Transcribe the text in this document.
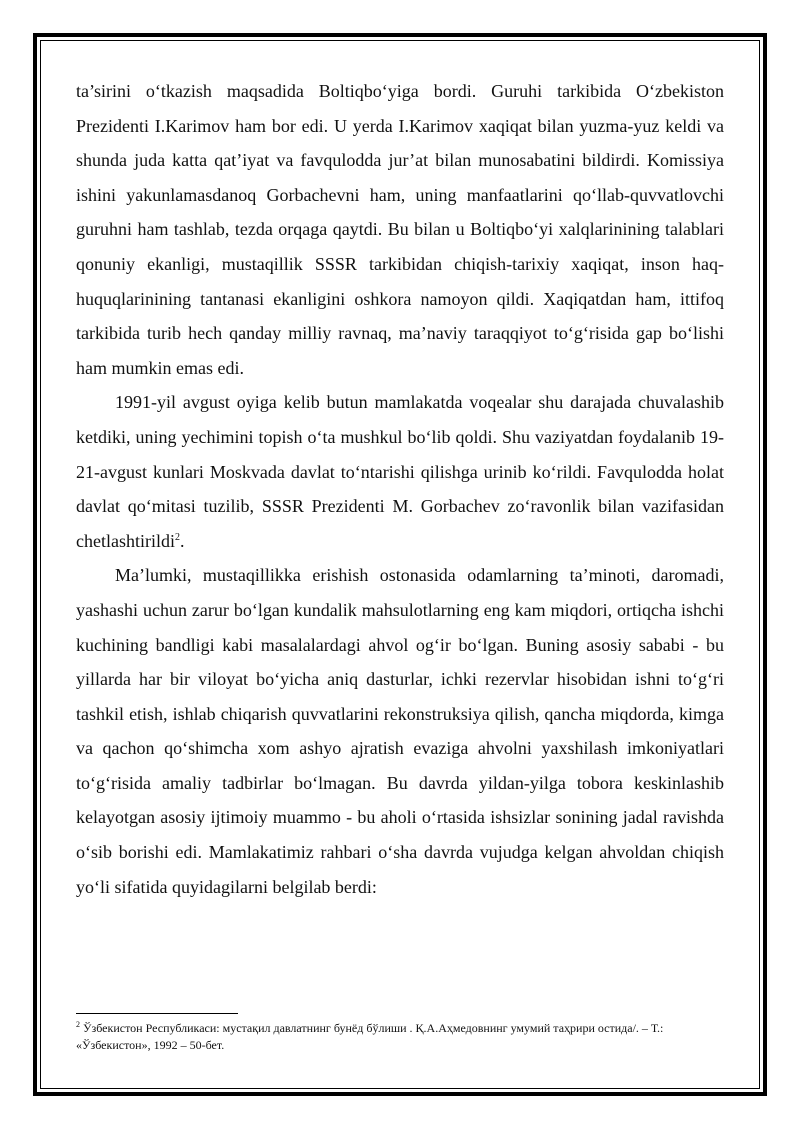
ta’sirini o‘tkazish maqsadida Boltiqbo‘yiga bordi. Guruhi tarkibida O‘zbekiston Prezidenti I.Karimov ham bor edi. U yerda I.Karimov xaqiqat bilan yuzma-yuz keldi va shunda juda katta qat’iyat va favqulodda jur’at bilan munosabatini bildirdi. Komissiya ishini yakunlamasdanoq Gorbachevni ham, uning manfaatlarini qo‘llab-quvvatlovchi guruhni ham tashlab, tezda orqaga qaytdi. Bu bilan u Boltiqbo‘yi xalqlarinining talablari qonuniy ekanligi, mustaqillik SSSR tarkibidan chiqish-tarixiy xaqiqat, inson haq-huquqlarinining tantanasi ekanligini oshkora namoyon qildi. Xaqiqatdan ham, ittifoq tarkibida turib hech qanday milliy ravnaq, ma’naviy taraqqiyot to‘g‘risida gap bo‘lishi ham mumkin emas edi.

1991-yil avgust oyiga kelib butun mamlakatda voqealar shu darajada chuvalashib ketdiki, uning yechimini topish o‘ta mushkul bo‘lib qoldi. Shu vaziyatdan foydalanib 19-21-avgust kunlari Moskvada davlat to‘ntarishi qilishga urinib ko‘rildi. Favqulodda holat davlat qo‘mitasi tuzilib, SSSR Prezidenti M. Gorbachev zo‘ravonlik bilan vazifasidan chetlashtirildi$^2$.

Ma’lumki, mustaqillikka erishish ostonasida odamlarning ta’minoti, daromadi, yashashi uchun zarur bo‘lgan kundalik mahsulotlarning eng kam miqdori, ortiqcha ishchi kuchining bandligi kabi masalalardagi ahvol og‘ir bo‘lgan. Buning asosiy sababi - bu yillarda har bir viloyat bo‘yicha aniq dasturlar, ichki rezervlar hisobidan ishni to‘g‘ri tashkil etish, ishlab chiqarish quvvatlarini rekonstruksiya qilish, qancha miqdorda, kimga va qachon qo‘shimcha xom ashyo ajratish evaziga ahvolni yaxshilash imkoniyatlari to‘g‘risida amaliy tadbirlar bo‘lmagan. Bu davrda yildan-yilga tobora keskinlashib kelayotgan asosiy ijtimoiy muammo - bu aholi o‘rtasida ishsizlar sonining jadal ravishda o‘sib borishi edi. Mamlakatimiz rahbari o‘sha davrda vujudga kelgan ahvoldan chiqish yo‘li sifatida quyidagilarni belgilab berdi:

$^2$ Ўзбекистон Республикаси: мустақил давлатнинг бунёд бўлиши . Қ.А.Аҳмедовнинг умумий таҳрири остида/. – Т.: «Ўзбекистон», 1992 – 50-бет.
